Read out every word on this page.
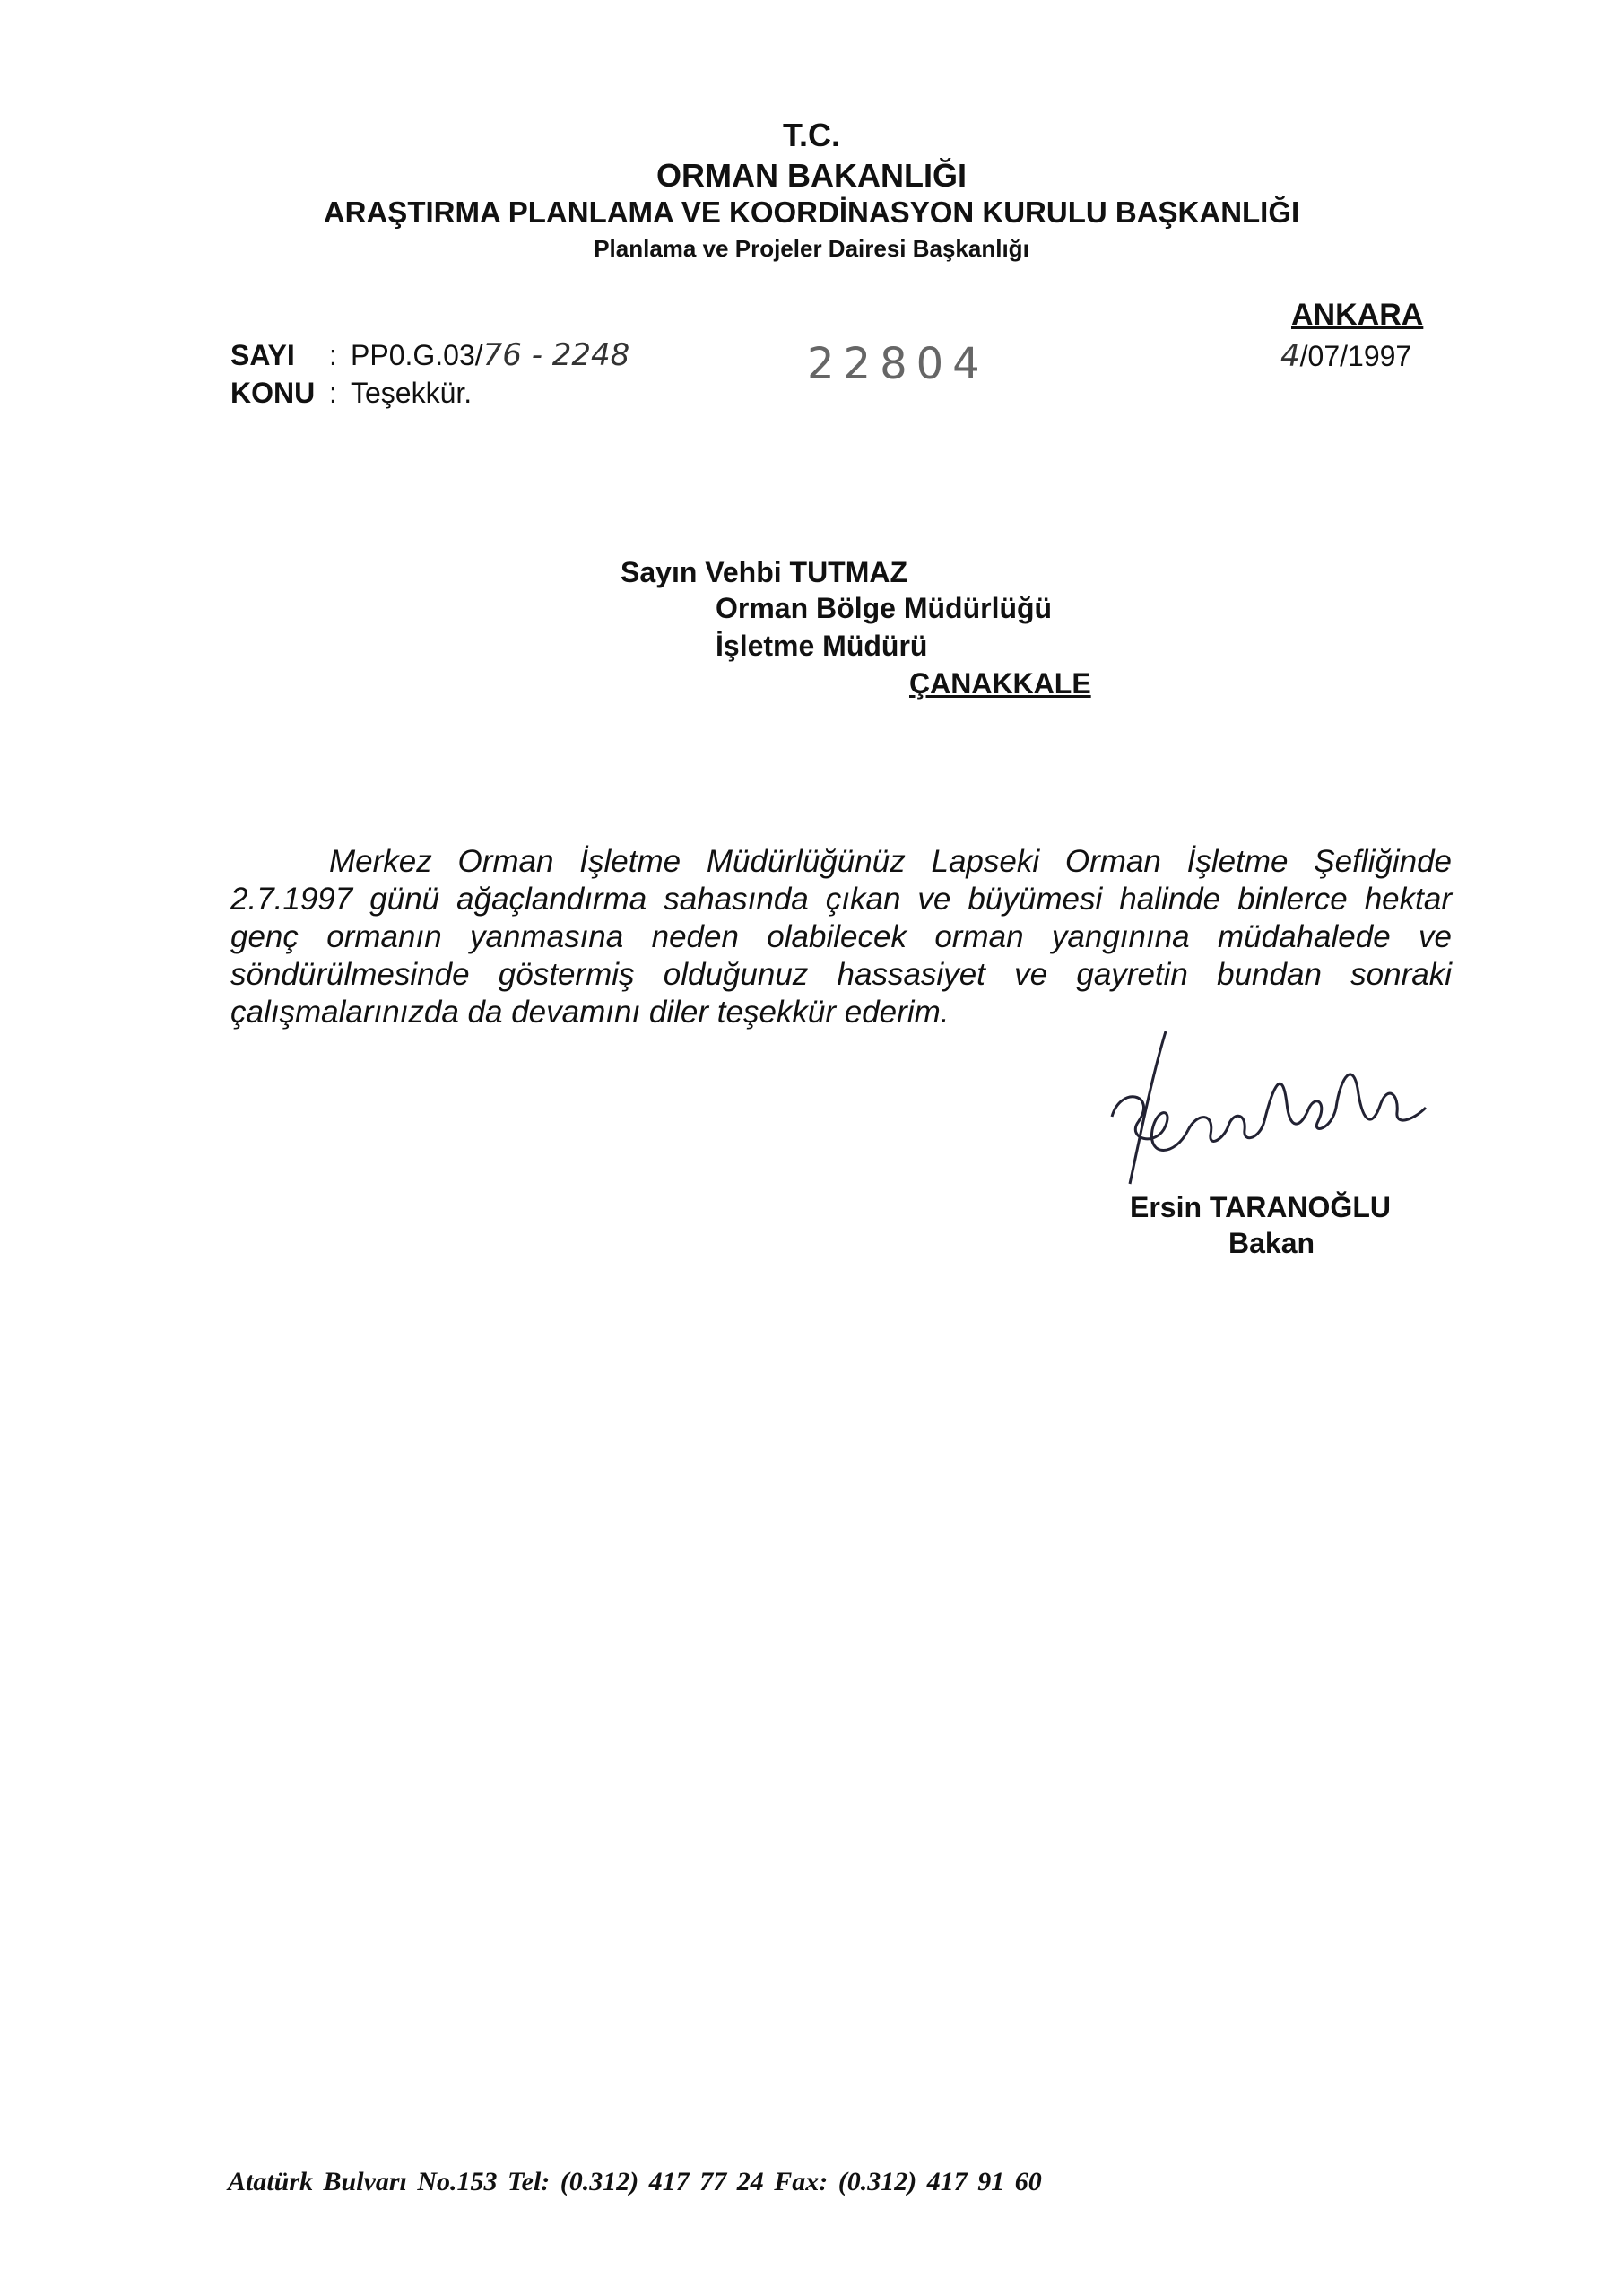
T.C.
ORMAN BAKANLIĞI
ARAŞTIRMA PLANLAMA VE KOORDİNASYON KURULU BAŞKANLIĞI
Planlama ve Projeler Dairesi Başkanlığı
SAYI : PP0.G.03/76 - 2248
KONU : Teşekkür.
22804
ANKARA
4/07/1997
Sayın Vehbi TUTMAZ
Orman Bölge Müdürlüğü
İşletme Müdürü
ÇANAKKALE
Merkez Orman İşletme Müdürlüğünüz Lapseki Orman İşletme Şefliğinde 2.7.1997 günü ağaçlandırma sahasında çıkan ve büyümesi halinde binlerce hektar genç ormanın yanmasına neden olabilecek orman yangınına müdahalede ve söndürülmesinde göstermiş olduğunuz hassasiyet ve gayretin bundan sonraki çalışmalarınızda da devamını diler teşekkür ederim.
Ersin TARANOĞLU
Bakan
Atatürk Bulvarı No.153 Tel: (0.312) 417 77 24 Fax: (0.312) 417 91 60
